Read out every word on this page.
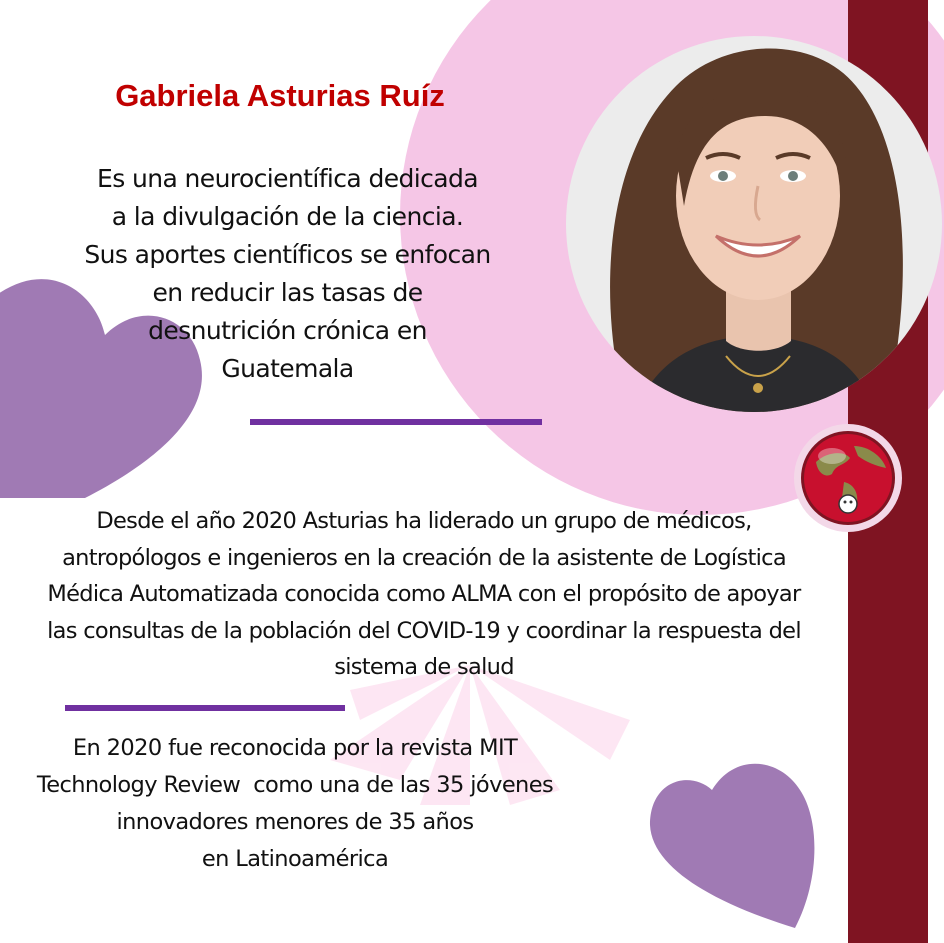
Gabriela Asturias Ruíz
Es una neurocientífica dedicada
a la divulgación de la ciencia.
Sus aportes científicos se enfocan
en reducir las tasas de
desnutrición crónica en
Guatemala
Desde el año 2020 Asturias ha liderado un grupo de médicos,
antropólogos e ingenieros en la creación de la asistente de Logística
Médica Automatizada conocida como ALMA con el propósito de apoyar
las consultas de la población del COVID-19 y coordinar la respuesta del
sistema de salud
En 2020 fue reconocida por la revista MIT
Technology Review  como una de las 35 jóvenes
innovadores menores de 35 años
en Latinoamérica
